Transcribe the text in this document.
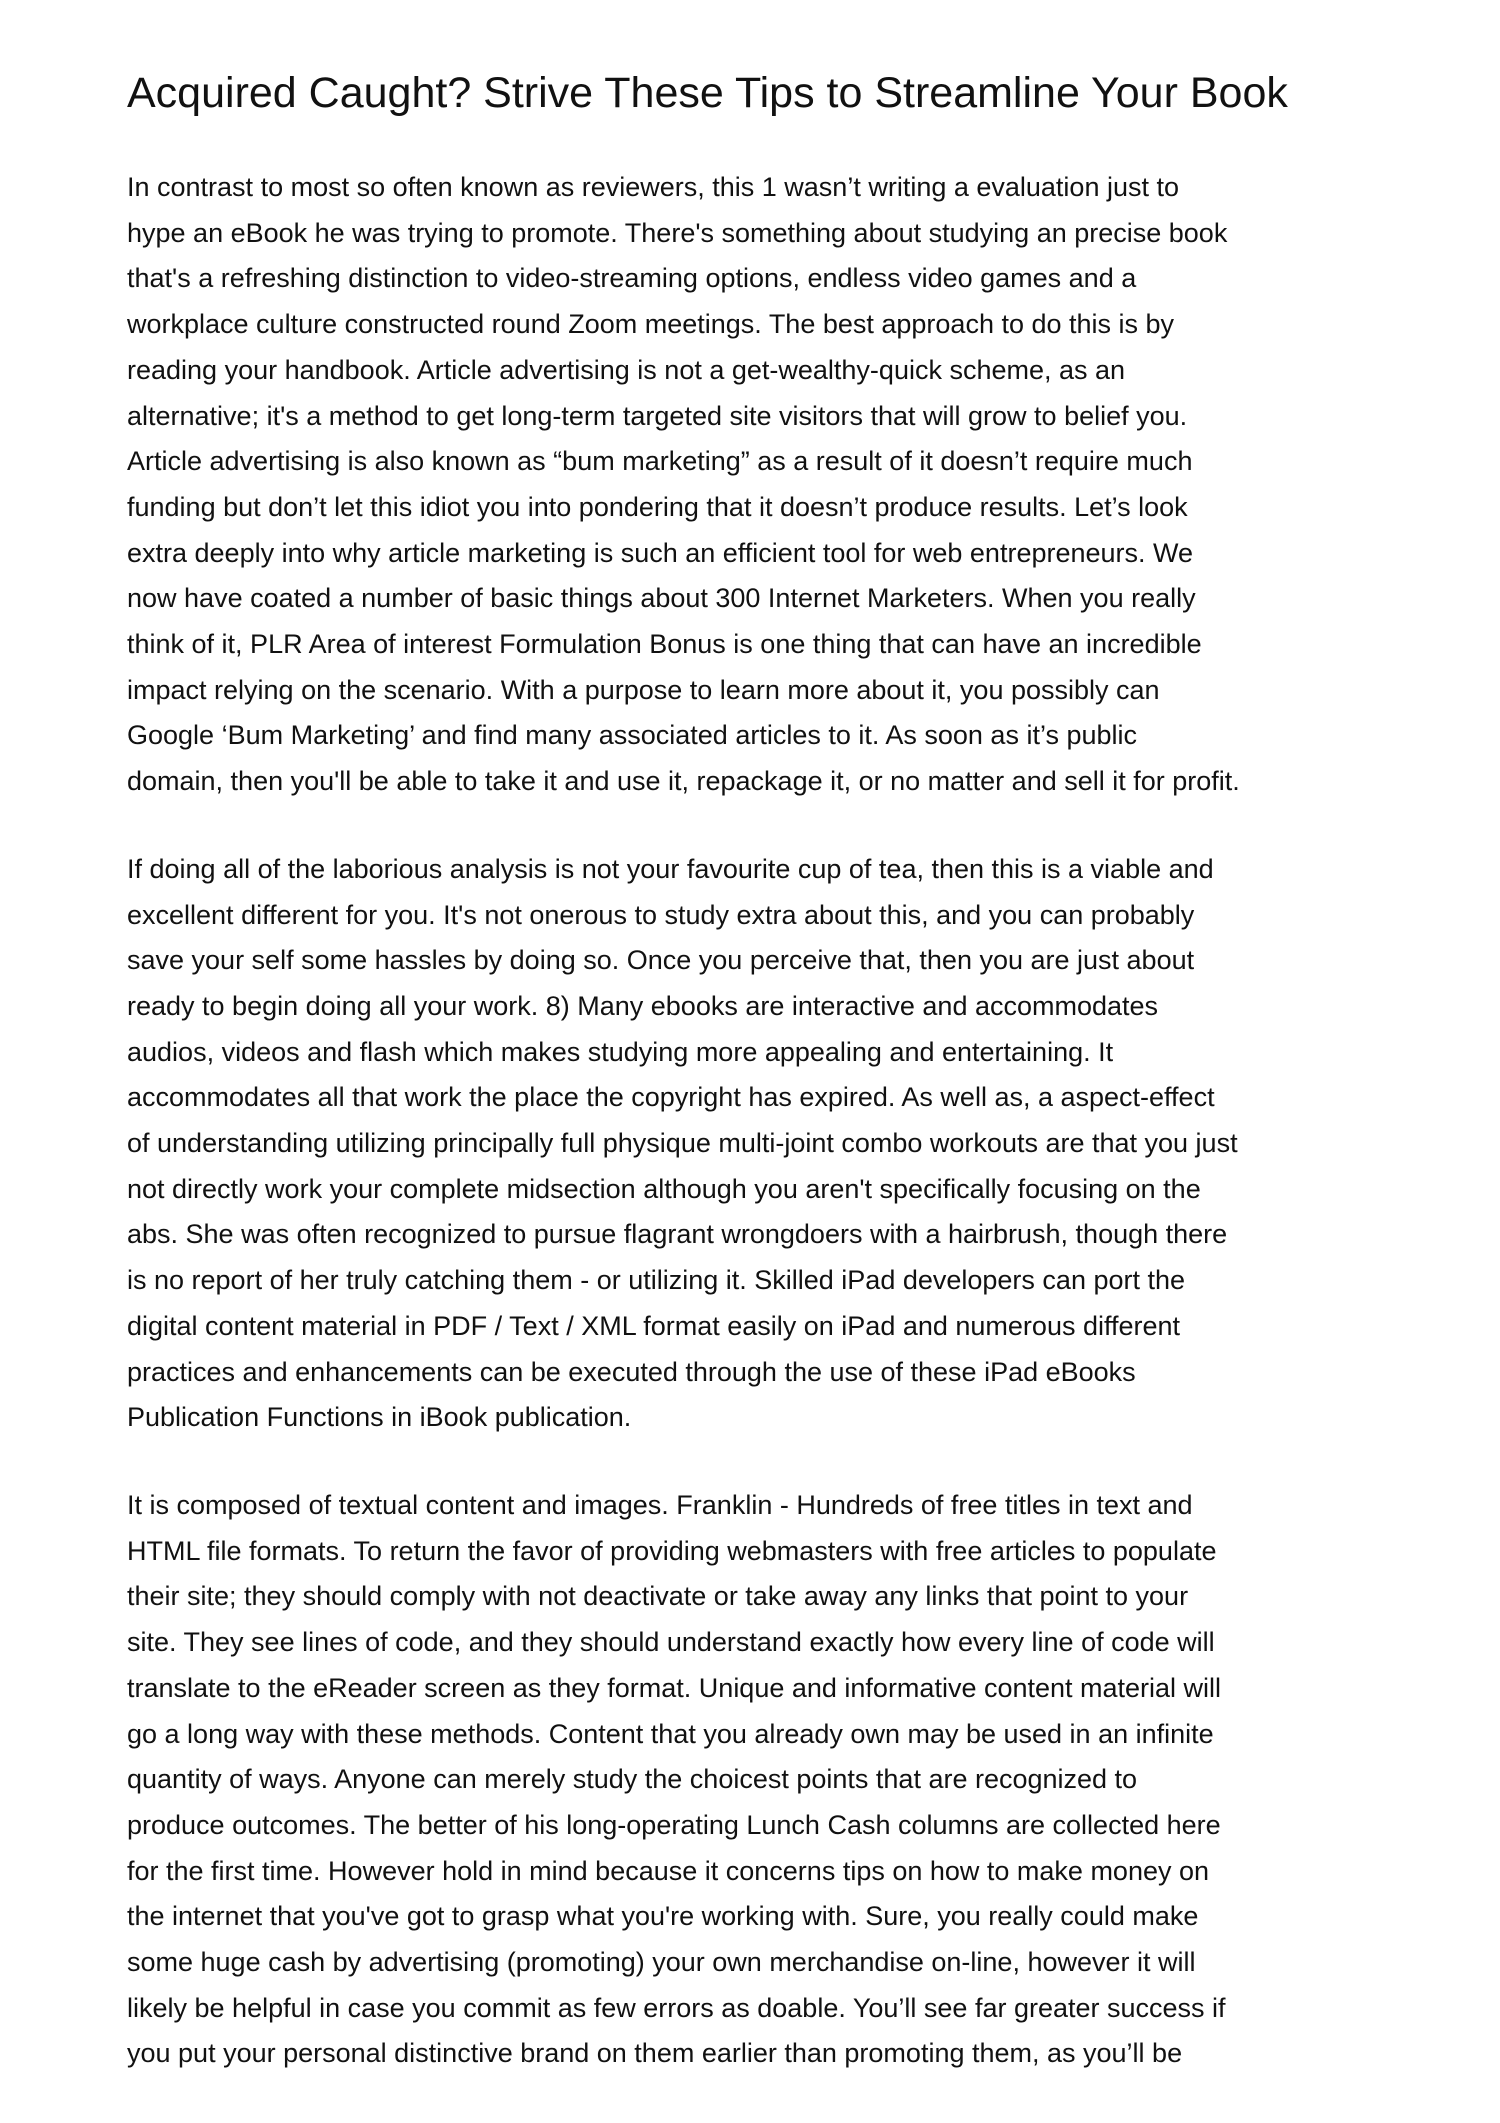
Acquired Caught? Strive These Tips to Streamline Your Book

In contrast to most so often known as reviewers, this 1 wasn’t writing a evaluation just to
hype an eBook he was trying to promote. There's something about studying an precise book
that's a refreshing distinction to video-streaming options, endless video games and a
workplace culture constructed round Zoom meetings. The best approach to do this is by
reading your handbook. Article advertising is not a get-wealthy-quick scheme, as an
alternative; it's a method to get long-term targeted site visitors that will grow to belief you.
Article advertising is also known as “bum marketing” as a result of it doesn’t require much
funding but don’t let this idiot you into pondering that it doesn’t produce results. Let’s look
extra deeply into why article marketing is such an efficient tool for web entrepreneurs. We
now have coated a number of basic things about 300 Internet Marketers. When you really
think of it, PLR Area of interest Formulation Bonus is one thing that can have an incredible
impact relying on the scenario. With a purpose to learn more about it, you possibly can
Google ‘Bum Marketing’ and find many associated articles to it. As soon as it’s public
domain, then you'll be able to take it and use it, repackage it, or no matter and sell it for profit.

If doing all of the laborious analysis is not your favourite cup of tea, then this is a viable and
excellent different for you. It's not onerous to study extra about this, and you can probably
save your self some hassles by doing so. Once you perceive that, then you are just about
ready to begin doing all your work. 8) Many ebooks are interactive and accommodates
audios, videos and flash which makes studying more appealing and entertaining. It
accommodates all that work the place the copyright has expired. As well as, a aspect-effect
of understanding utilizing principally full physique multi-joint combo workouts are that you just
not directly work your complete midsection although you aren't specifically focusing on the
abs. She was often recognized to pursue flagrant wrongdoers with a hairbrush, though there
is no report of her truly catching them - or utilizing it. Skilled iPad developers can port the
digital content material in PDF / Text / XML format easily on iPad and numerous different
practices and enhancements can be executed through the use of these iPad eBooks
Publication Functions in iBook publication.

It is composed of textual content and images. Franklin - Hundreds of free titles in text and
HTML file formats. To return the favor of providing webmasters with free articles to populate
their site; they should comply with not deactivate or take away any links that point to your
site. They see lines of code, and they should understand exactly how every line of code will
translate to the eReader screen as they format. Unique and informative content material will
go a long way with these methods. Content that you already own may be used in an infinite
quantity of ways. Anyone can merely study the choicest points that are recognized to
produce outcomes. The better of his long-operating Lunch Cash columns are collected here
for the first time. However hold in mind because it concerns tips on how to make money on
the internet that you've got to grasp what you're working with. Sure, you really could make
some huge cash by advertising (promoting) your own merchandise on-line, however it will
likely be helpful in case you commit as few errors as doable. You’ll see far greater success if
you put your personal distinctive brand on them earlier than promoting them, as you’ll be
